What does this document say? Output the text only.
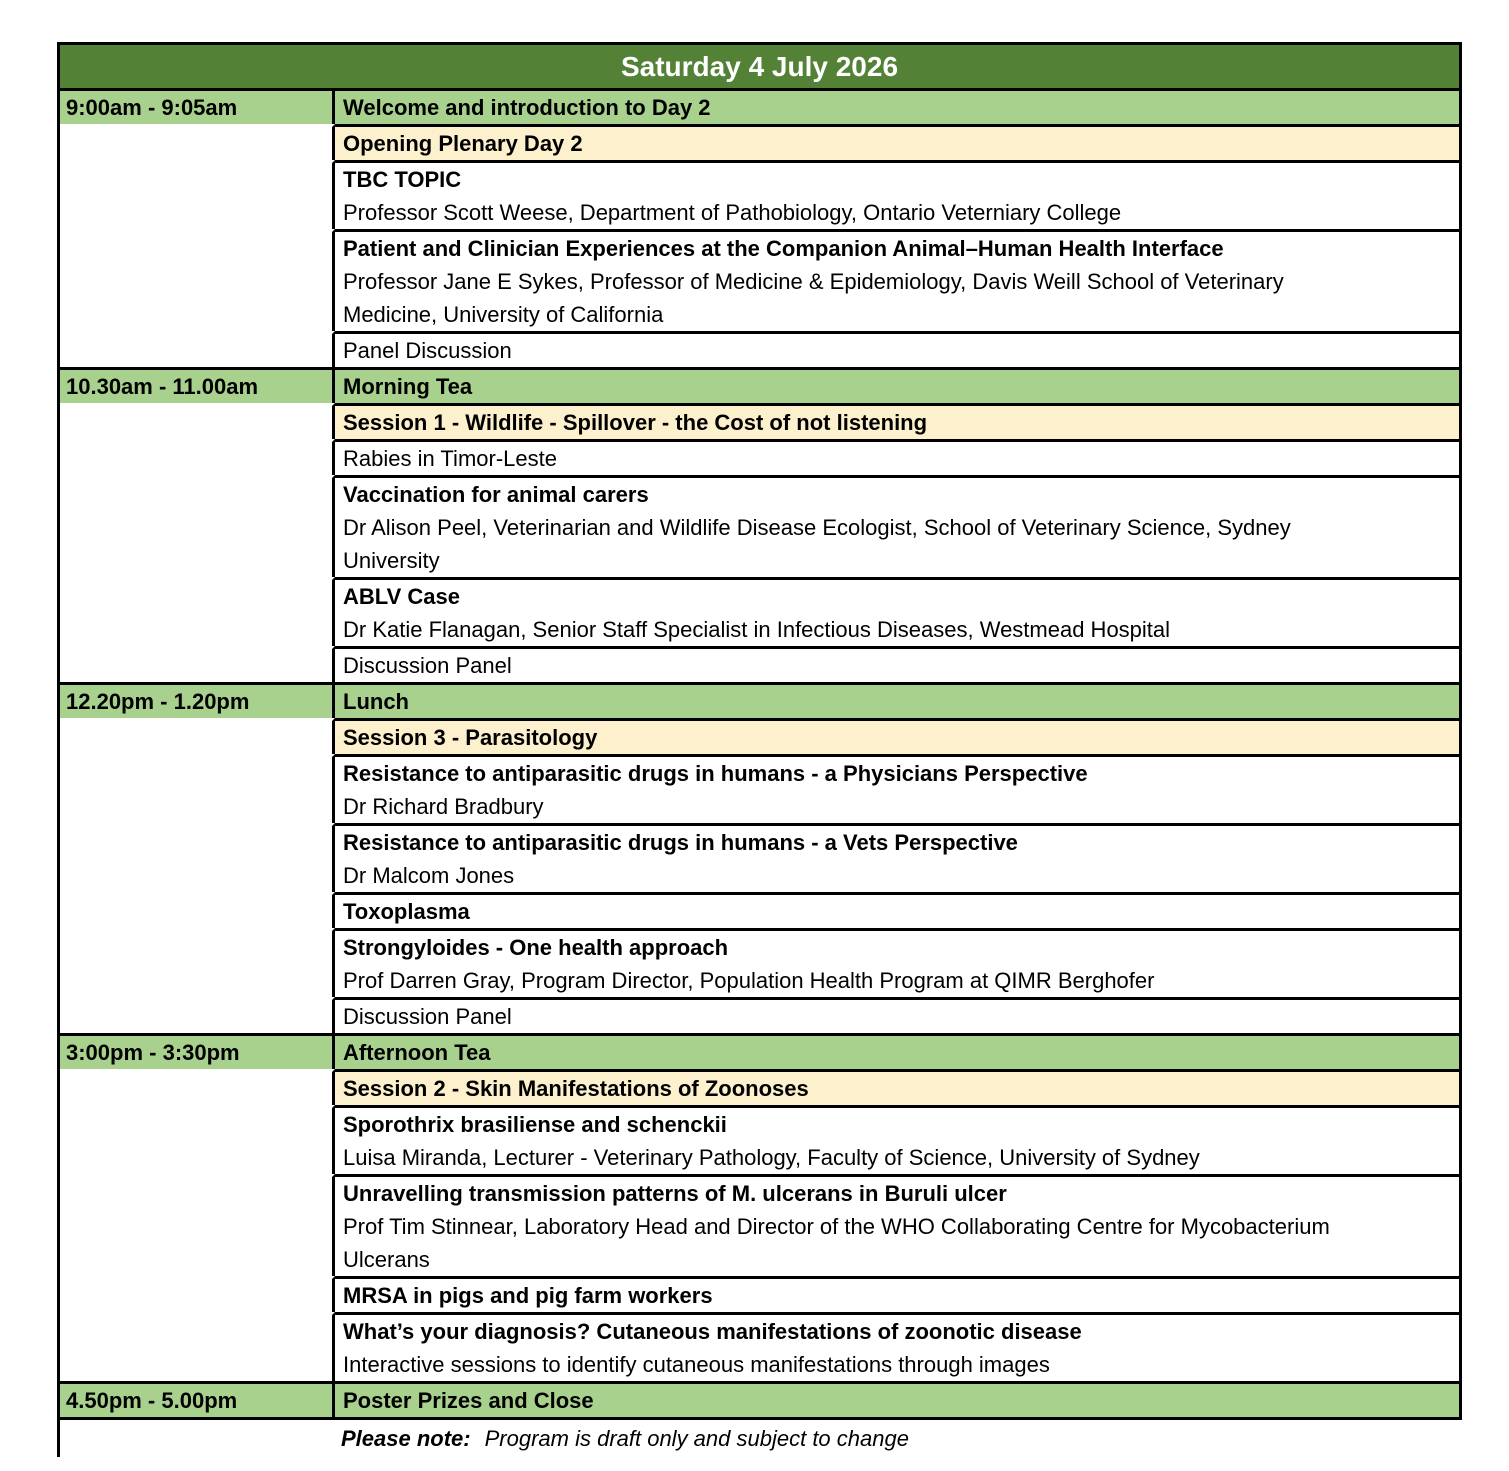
Saturday 4 July 2026
9:00am - 9:05am	Welcome and introduction to Day 2
Opening Plenary Day 2
TBC TOPIC
Professor Scott Weese, Department of Pathobiology, Ontario Veterniary College
Patient and Clinician Experiences at the Companion Animal–Human Health Interface
Professor Jane E Sykes, Professor of Medicine & Epidemiology, Davis Weill School of Veterinary
Medicine, University of California
Panel Discussion
10.30am - 11.00am	Morning Tea
Session 1 - Wildlife - Spillover - the Cost of not listening
Rabies in Timor-Leste
Vaccination for animal carers
Dr Alison Peel, Veterinarian and Wildlife Disease Ecologist, School of Veterinary Science, Sydney
University
ABLV Case
Dr Katie Flanagan, Senior Staff Specialist in Infectious Diseases, Westmead Hospital
Discussion Panel
12.20pm - 1.20pm	Lunch
Session 3 - Parasitology
Resistance to antiparasitic drugs in humans - a Physicians Perspective
Dr Richard Bradbury
Resistance to antiparasitic drugs in humans - a Vets Perspective
Dr Malcom Jones
Toxoplasma
Strongyloides - One health approach
Prof Darren Gray, Program Director, Population Health Program at QIMR Berghofer
Discussion Panel
3:00pm - 3:30pm	Afternoon Tea
Session 2 - Skin Manifestations of Zoonoses
Sporothrix brasiliense and schenckii
Luisa Miranda, Lecturer - Veterinary Pathology, Faculty of Science, University of Sydney
Unravelling transmission patterns of M. ulcerans in Buruli ulcer
Prof Tim Stinnear, Laboratory Head and Director of the WHO Collaborating Centre for Mycobacterium
Ulcerans
MRSA in pigs and pig farm workers
What’s your diagnosis? Cutaneous manifestations of zoonotic disease
Interactive sessions to identify cutaneous manifestations through images
4.50pm - 5.00pm	Poster Prizes and Close
Please note: Program is draft only and subject to change
